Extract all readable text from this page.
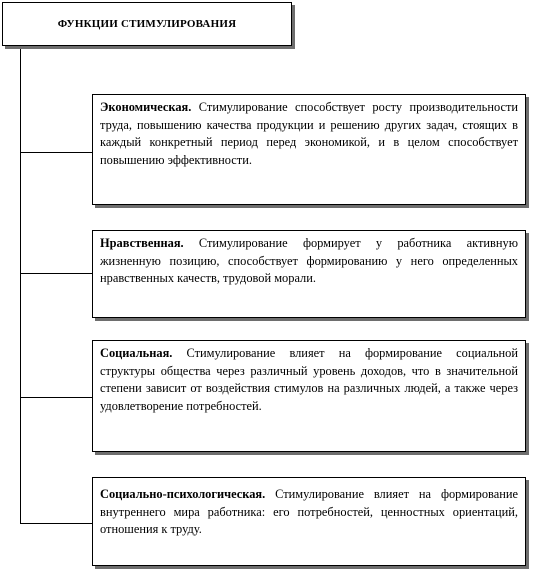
ФУНКЦИИ СТИМУЛИРОВАНИЯ
Экономическая. Стимулирование способствует росту производительности труда, повышению качества продукции и решению других задач, стоящих в каждый конкретный период перед экономикой, и в целом способствует повышению эффективности.
Нравственная. Стимулирование формирует у работника активную жизненную позицию, способствует формированию у него определенных нравственных качеств, трудовой морали.
Социальная. Стимулирование влияет на формирование социальной структуры общества через различный уровень доходов, что в значительной степени зависит от воздействия стимулов на различных людей, а также через удовлетворение потребностей.
Социально-психологическая. Стимулирование влияет на формирование внутреннего мира работника: его потребностей, ценностных ориентаций, отношения к труду.
